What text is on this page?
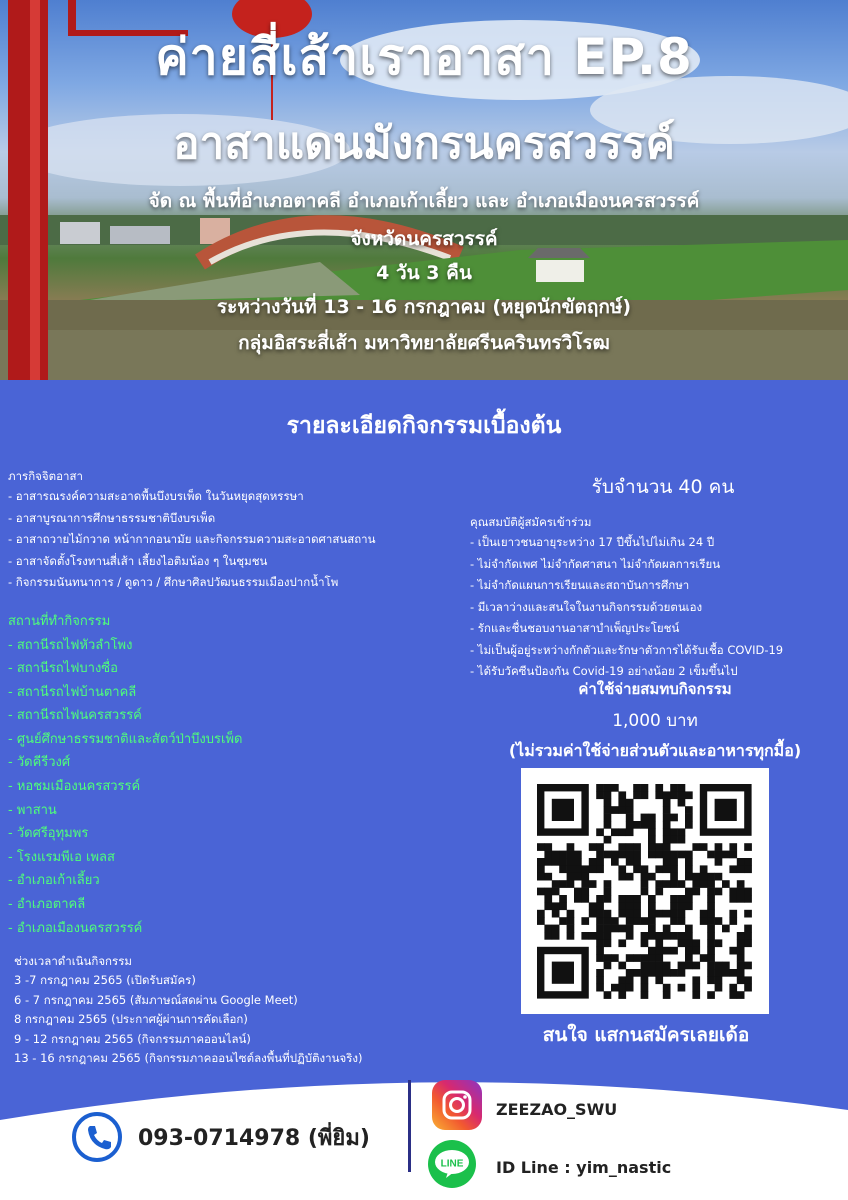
ค่ายสี่เส้าเราอาสา EP.8
อาสาแดนมังกรนครสวรรค์
จัด ณ พื้นที่อำเภอตาคลี อำเภอเก้าเลี้ยว และ อำเภอเมืองนครสวรรค์
จังหวัดนครสวรรค์
4 วัน 3 คืน
ระหว่างวันที่ 13 - 16 กรกฎาคม (หยุดนักขัตฤกษ์)
กลุ่มอิสระสี่เส้า มหาวิทยาลัยศรีนครินทรวิโรฒ
รายละเอียดกิจกรรมเบื้องต้น
ภารกิจจิตอาสา
- อาสารณรงค์ความสะอาดพื้นบึงบรเพ็ด ในวันหยุดสุดหรรษา
- อาสาบูรณาการศึกษาธรรมชาติบึงบรเพ็ด
- อาสาถวายไม้กวาด หน้ากากอนามัย และกิจกรรมความสะอาดศาสนสถาน
- อาสาจัดตั้งโรงทานสี่เส้า เลี้ยงไอติมน้อง ๆ ในชุมชน
- กิจกรรมนันทนาการ / ดูดาว / ศึกษาศิลปวัฒนธรรมเมืองปากน้ำโพ
สถานที่ทำกิจกรรม
- สถานีรถไฟหัวลำโพง
- สถานีรถไฟบางซื่อ
- สถานีรถไฟบ้านตาคลี
- สถานีรถไฟนครสวรรค์
- ศูนย์ศึกษาธรรมชาติและสัตว์ป่าบึงบรเพ็ด
- วัดคีรีวงศ์
- หอชมเมืองนครสวรรค์
- พาสาน
- วัดศรีอุทุมพร
- โรงแรมพีเอ เพลส
- อำเภอเก้าเลี้ยว
- อำเภอตาคลี
- อำเภอเมืองนครสวรรค์
ช่วงเวลาดำเนินกิจกรรม
3 -7 กรกฎาคม 2565 (เปิดรับสมัคร)
6 - 7 กรกฎาคม 2565 (สัมภาษณ์สดผ่าน Google Meet)
8 กรกฎาคม 2565 (ประกาศผู้ผ่านการคัดเลือก)
9 - 12 กรกฎาคม 2565 (กิจกรรมภาคออนไลน์)
13 - 16 กรกฎาคม 2565 (กิจกรรมภาคออนไซต์ลงพื้นที่ปฏิบัติงานจริง)
รับจำนวน 40 คน
คุณสมบัติผู้สมัครเข้าร่วม
- เป็นเยาวชนอายุระหว่าง 17 ปีขึ้นไปไม่เกิน 24 ปี
- ไม่จำกัดเพศ ไม่จำกัดศาสนา ไม่จำกัดผลการเรียน
- ไม่จำกัดแผนการเรียนและสถาบันการศึกษา
- มีเวลาว่างและสนใจในงานกิจกรรมด้วยตนเอง
- รักและชื่นชอบงานอาสาบำเพ็ญประโยชน์
- ไม่เป็นผู้อยู่ระหว่างกักตัวและรักษาตัวการได้รับเชื้อ COVID-19
- ได้รับวัคซีนป้องกัน Covid-19 อย่างน้อย 2 เข็มขึ้นไป
ค่าใช้จ่ายสมทบกิจกรรม
1,000 บาท
(ไม่รวมค่าใช้จ่ายส่วนตัวและอาหารทุกมื้อ)
สนใจ แสกนสมัครเลยเด้อ
093-0714978 (พี่ยิม)
ZEEZAO_SWU
LINE ID Line : yim_nastic
